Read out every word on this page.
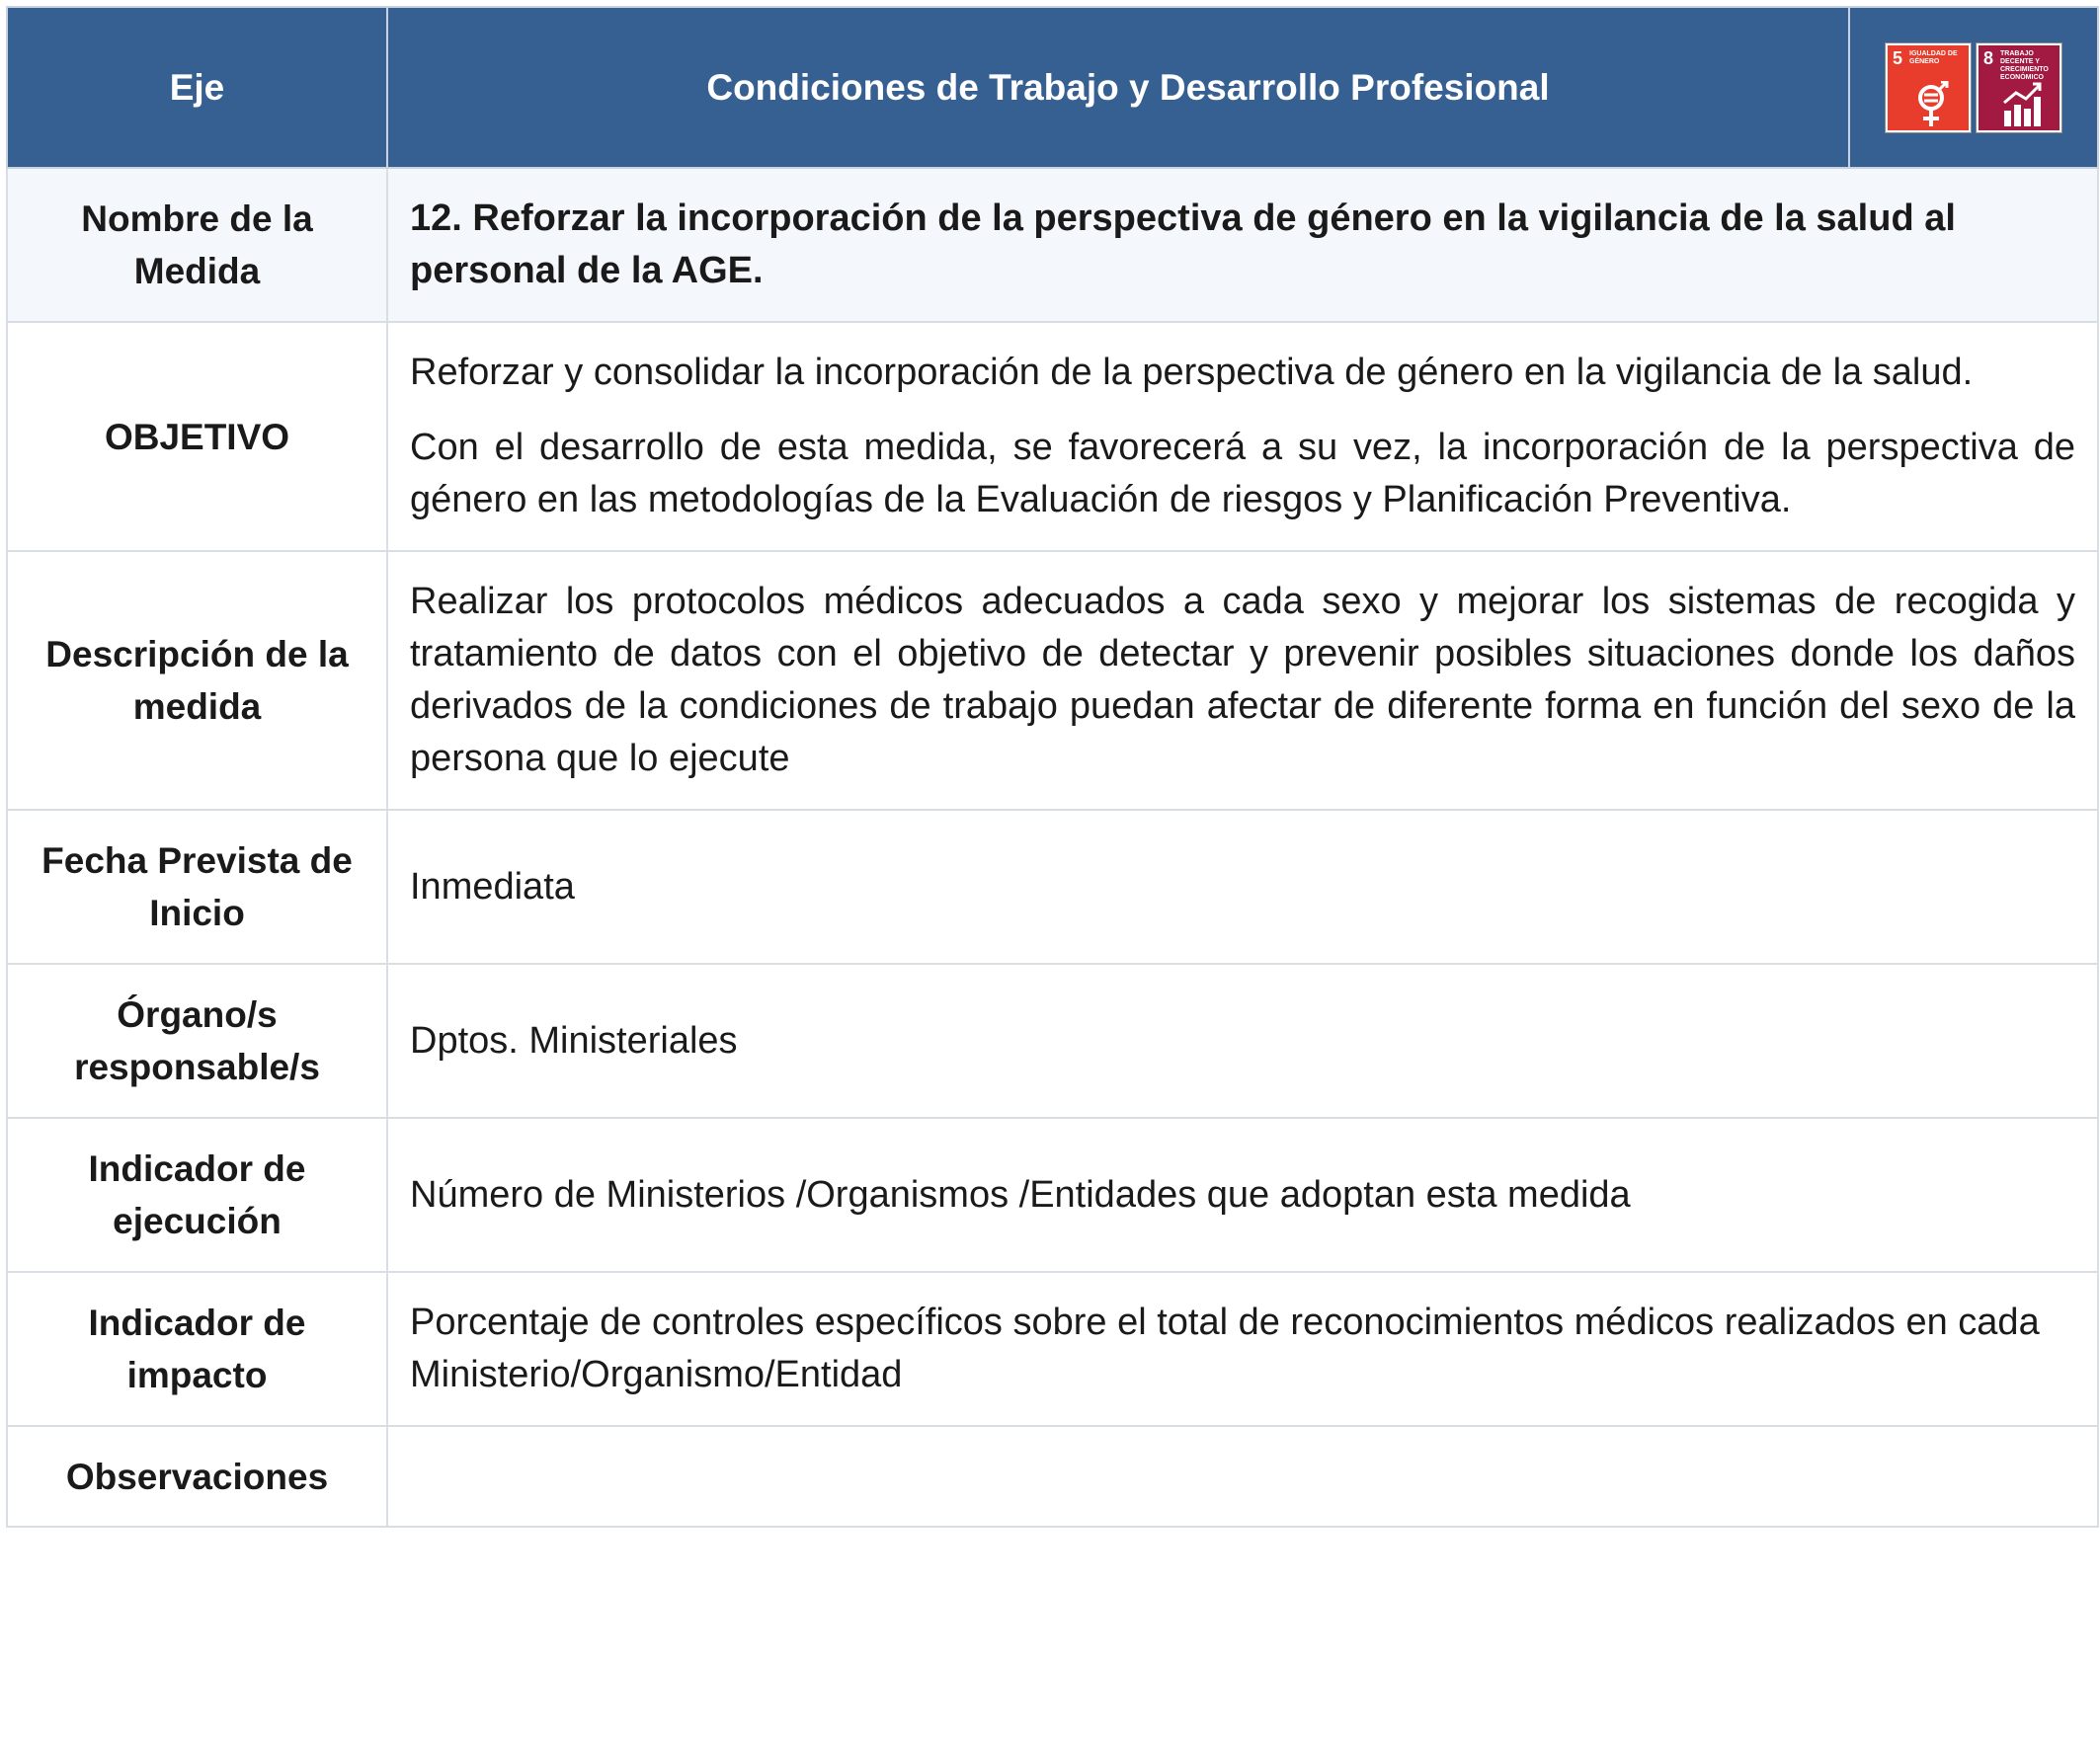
Eje	Condiciones de Trabajo y Desarrollo Profesional	5 IGUALDAD DE GÉNERO 8 TRABAJO DECENTE Y CRECIMIENTO ECONÓMICO

Nombre de la Medida	12. Reforzar la incorporación de la perspectiva de género en la vigilancia de la salud al personal de la AGE.	
OBJETIVO	Reforzar y consolidar la incorporación de la perspectiva de género en la vigilancia de la salud.

Con el desarrollo de esta medida, se favorecerá a su vez, la incorporación de la perspectiva de género en las metodologías de la Evaluación de riesgos y Planificación Preventiva.	

Descripción de la medida	Realizar los protocolos médicos adecuados a cada sexo y mejorar los sistemas de recogida y tratamiento de datos con el objetivo de detectar y prevenir posibles situaciones donde los daños derivados de la condiciones de trabajo puedan afectar de diferente forma en función del sexo de la persona que lo ejecute	
Fecha Prevista de Inicio	Inmediata	
Órgano/s responsable/s	Dptos. Ministeriales	
Indicador de ejecución	Número de Ministerios /Organismos /Entidades que adoptan esta medida	
Indicador de impacto	Porcentaje de controles específicos sobre el total de reconocimientos médicos realizados en cada Ministerio/Organismo/Entidad	
Observaciones		
